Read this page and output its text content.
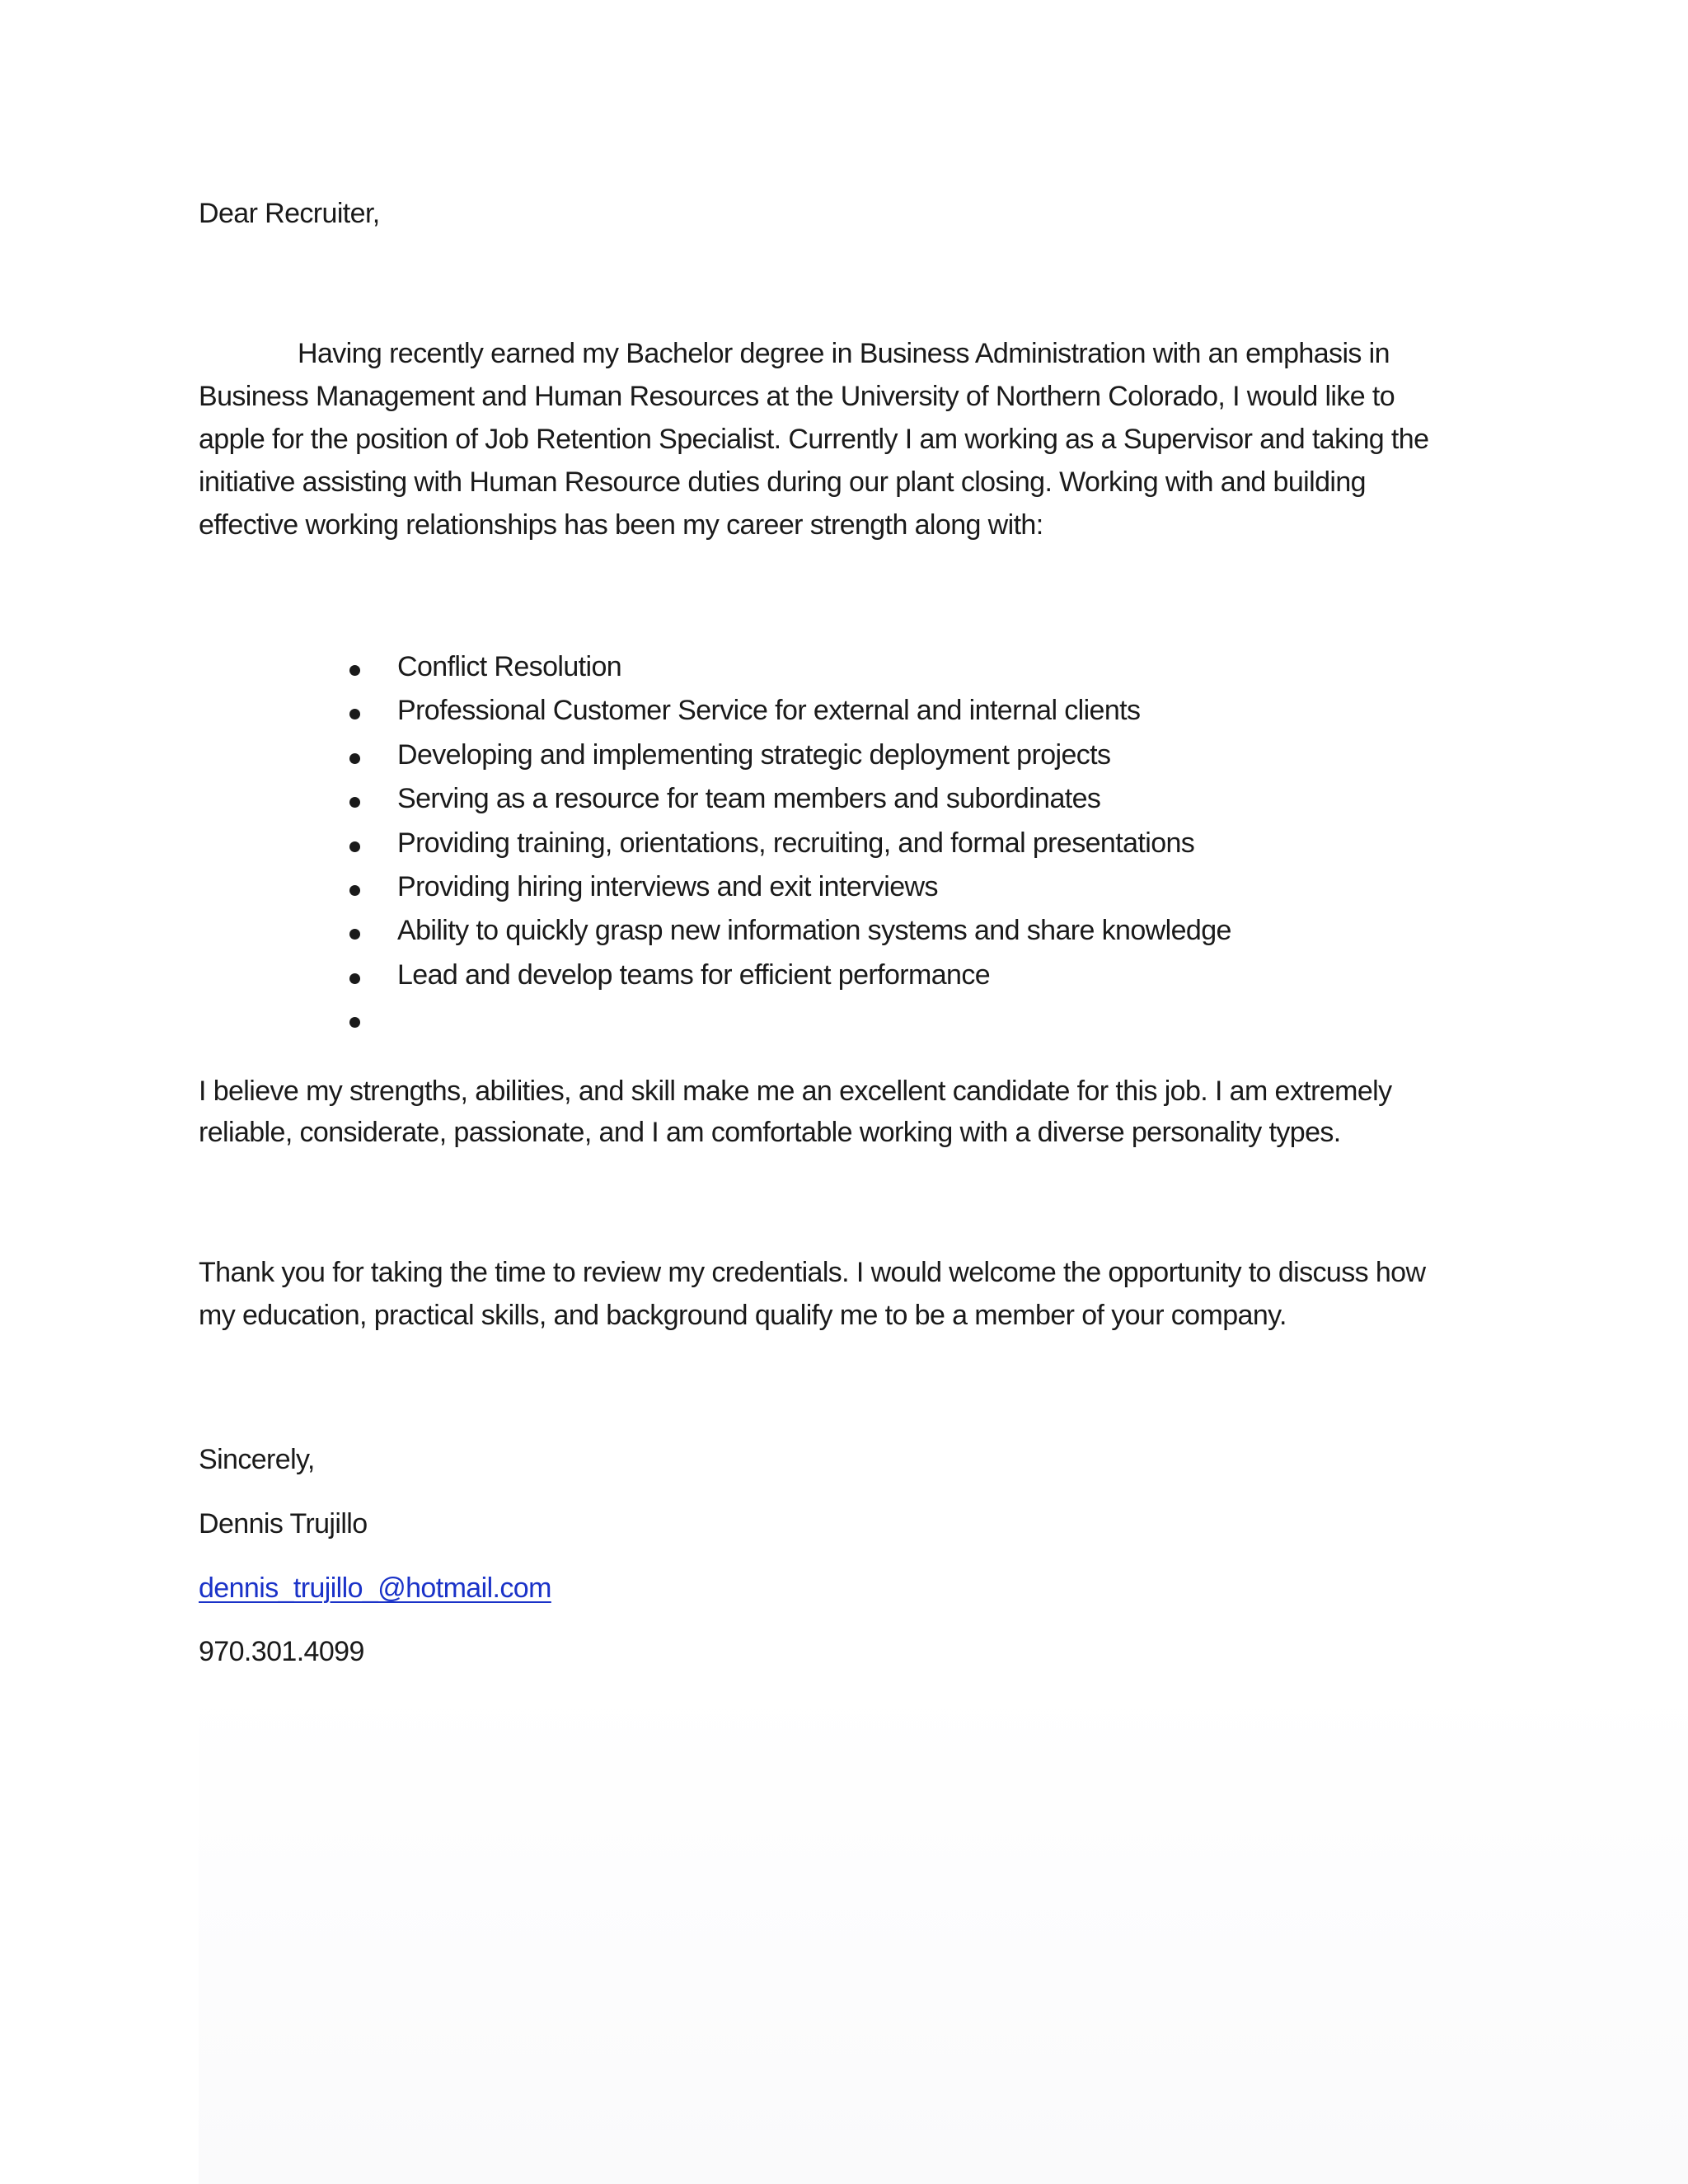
Dear Recruiter,
Having recently earned my Bachelor degree in Business Administration with an emphasis in
Business Management and Human Resources at the University of Northern Colorado, I would like to
apple for the position of Job Retention Specialist. Currently I am working as a Supervisor and taking the
initiative assisting with Human Resource duties during our plant closing. Working with and building
effective working relationships has been my career strength along with:
Conflict Resolution
Professional Customer Service for external and internal clients
Developing and implementing strategic deployment projects
Serving as a resource for team members and subordinates
Providing training, orientations, recruiting, and formal presentations
Providing hiring interviews and exit interviews
Ability to quickly grasp new information systems and share knowledge
Lead and develop teams for efficient performance
I believe my strengths, abilities, and skill make me an excellent candidate for this job. I am extremely
reliable, considerate, passionate, and I am comfortable working with a diverse personality types.
Thank you for taking the time to review my credentials. I would welcome the opportunity to discuss how
my education, practical skills, and background qualify me to be a member of your company.
Sincerely,
Dennis Trujillo
dennis_trujillo_@hotmail.com
970.301.4099
